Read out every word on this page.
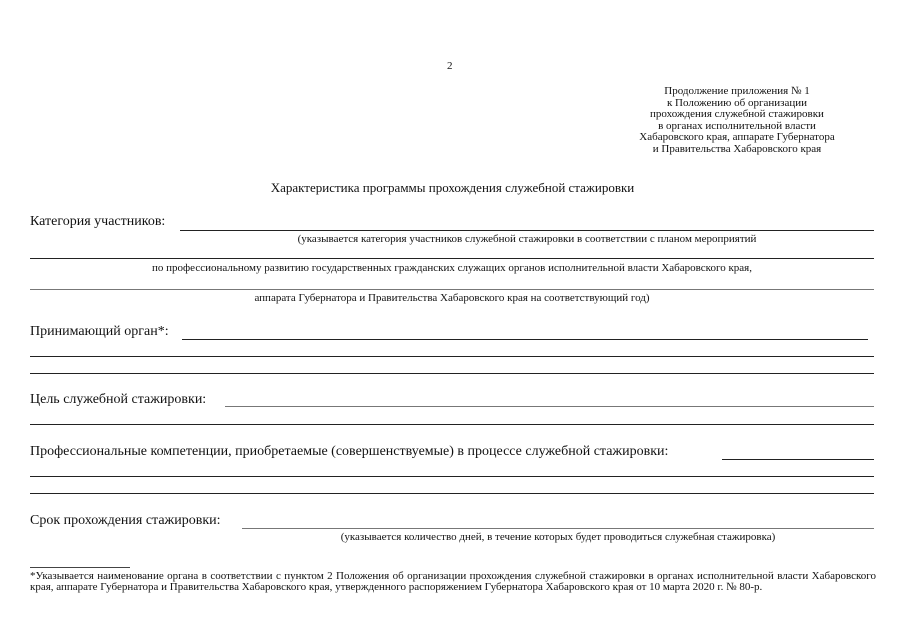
2
Продолжение приложения № 1
к Положению об организации
прохождения служебной стажировки
в органах исполнительной власти
Хабаровского края, аппарате Губернатора
и Правительства Хабаровского края
Характеристика программы прохождения служебной стажировки
Категория участников:
(указывается категория участников служебной стажировки в соответствии с планом мероприятий
по профессиональному развитию государственных гражданских служащих органов исполнительной власти Хабаровского края,
аппарата Губернатора и Правительства Хабаровского края на соответствующий год)
Принимающий орган*:
Цель служебной стажировки:
Профессиональные компетенции, приобретаемые (совершенствуемые) в процессе служебной стажировки:
Срок прохождения стажировки:
(указывается количество дней, в течение которых будет проводиться служебная стажировка)
*Указывается наименование органа в соответствии с пунктом 2 Положения об организации прохождения служебной стажировки в органах исполнительной власти Хабаровского края, аппарате Губернатора и Правительства Хабаровского края, утвержденного распоряжением Губернатора Хабаровского края от 10 марта 2020 г. № 80-р.
